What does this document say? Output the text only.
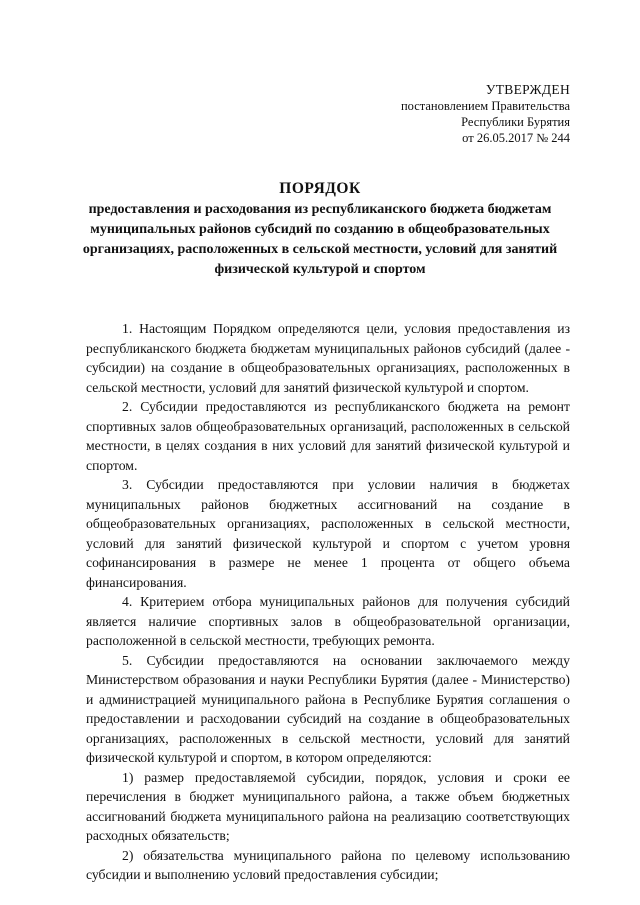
УТВЕРЖДЕН
постановлением Правительства
Республики Бурятия
от 26.05.2017 № 244
ПОРЯДОК
предоставления и расходования из республиканского бюджета бюджетам муниципальных районов субсидий по созданию в общеобразовательных организациях, расположенных в сельской местности, условий для занятий физической культурой и спортом

1. Настоящим Порядком определяются цели, условия предоставления из республиканского бюджета бюджетам муниципальных районов субсидий (далее - субсидии) на создание в общеобразовательных организациях, расположенных в сельской местности, условий для занятий физической культурой и спортом.

2. Субсидии предоставляются из республиканского бюджета на ремонт спортивных залов общеобразовательных организаций, расположенных в сельской местности, в целях создания в них условий для занятий физической культурой и спортом.

3. Субсидии предоставляются при условии наличия в бюджетах муниципальных районов бюджетных ассигнований на создание в общеобразовательных организациях, расположенных в сельской местности, условий для занятий физической культурой и спортом с учетом уровня софинансирования в размере не менее 1 процента от общего объема финансирования.

4. Критерием отбора муниципальных районов для получения субсидий является наличие спортивных залов в общеобразовательной организации, расположенной в сельской местности, требующих ремонта.

5. Субсидии предоставляются на основании заключаемого между Министерством образования и науки Республики Бурятия (далее - Министерство) и администрацией муниципального района в Республике Бурятия соглашения о предоставлении и расходовании субсидий на создание в общеобразовательных организациях, расположенных в сельской местности, условий для занятий физической культурой и спортом, в котором определяются:

1) размер предоставляемой субсидии, порядок, условия и сроки ее перечисления в бюджет муниципального района, а также объем бюджетных ассигнований бюджета муниципального района на реализацию соответствующих расходных обязательств;

2) обязательства муниципального района по целевому использованию субсидии и выполнению условий предоставления субсидии;
